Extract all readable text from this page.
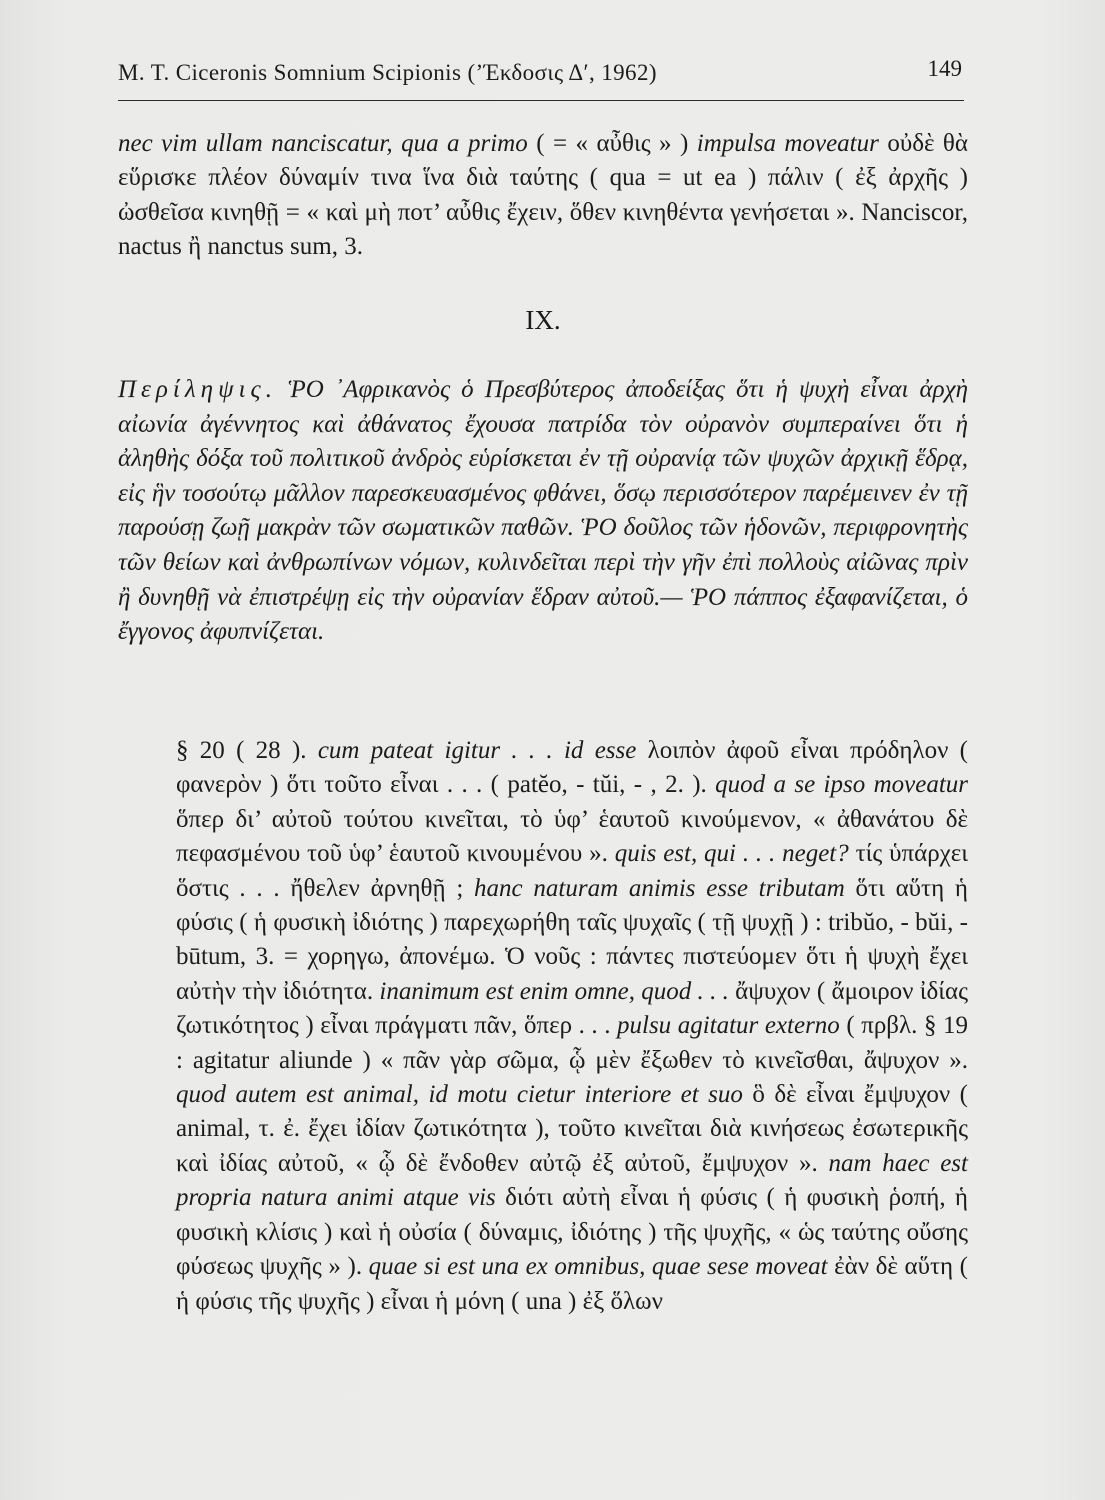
M. T. Ciceronis Somnium Scipionis (’Έκδοσις Δ′, 1962)	149

nec vim ullam nanciscatur, qua a primo ( = « αὖθις » ) impulsa moveatur οὐδὲ θὰ εὕρισκε πλέον δύναμίν τινα ἵνα διὰ ταύτης ( qua = ut ea ) πάλιν ( ἐξ ἀρχῆς ) ὠσθεῖσα κινηθῇ = « καὶ μὴ ποτ’ αὖθις ἔχειν, ὅθεν κινηθέντα γενήσεται ». Nanciscor, nactus ἢ nanctus sum, 3.

IX.

Περίληψις. ῬΟ ᾿Αφρικανὸς ὁ Πρεσβύτερος ἀποδείξας ὅτι ἡ ψυχὴ εἶναι ἀρχὴ αἰωνία ἀγέννητος καὶ ἀθάνατος ἔχουσα πατρίδα τὸν οὐρανὸν συμπεραίνει ὅτι ἡ ἀληθὴς δόξα τοῦ πολιτικοῦ ἀνδρὸς εὑρίσκεται ἐν τῇ οὐρανίᾳ τῶν ψυχῶν ἀρχικῇ ἕδρᾳ, εἰς ἣν τοσούτῳ μᾶλλον παρεσκευασμένος φθάνει, ὅσῳ περισσότερον παρέμεινεν ἐν τῇ παρούσῃ ζωῇ μακρὰν τῶν σωματικῶν παθῶν. ῬΟ δοῦλος τῶν ἡδονῶν, περιφρονητὴς τῶν θείων καὶ ἀνθρωπίνων νόμων, κυλινδεῖται περὶ τὴν γῆν ἐπὶ πολλοὺς αἰῶνας πρὶν ἢ δυνηθῇ νὰ ἐπιστρέψῃ εἰς τὴν οὐρανίαν ἕδραν αὐτοῦ.— ῬΟ πάππος ἐξαφανίζεται, ὁ ἔγγονος ἀφυπνίζεται.

§ 20 ( 28 ). cum pateat igitur . . . id esse λοιπὸν ἀφοῦ εἶναι πρόδηλον ( φανερὸν ) ὅτι τοῦτο εἶναι . . . ( patĕo, - tŭi, - , 2. ). quod a se ipso moveatur ὅπερ δι’ αὐτοῦ τούτου κινεῖται, τὸ ὑφ’ ἑαυτοῦ κινούμενον, « ἀθανάτου δὲ πεφασμένου τοῦ ὑφ’ ἑαυτοῦ κινουμένου ». quis est, qui . . . neget? τίς ὑπάρχει ὅστις . . . ἤθελεν ἀρνηθῇ ; hanc naturam animis esse tributam ὅτι αὕτη ἡ φύσις ( ἡ φυσικὴ ἰδιότης ) παρεχωρήθη ταῖς ψυχαῖς ( τῇ ψυχῇ ) : tribŭo, - bŭi, - būtum, 3. = χορηγω, ἀπονέμω. Ὁ νοῦς : πάντες πιστεύομεν ὅτι ἡ ψυχὴ ἔχει αὐτὴν τὴν ἰδιότητα. inanimum est enim omne, quod . . . ἄψυχον ( ἄμοιρον ἰδίας ζωτικότητος ) εἶναι πράγματι πᾶν, ὅπερ . . . pulsu agitatur externo ( πρβλ. § 19 : agitatur aliunde ) « πᾶν γὰρ σῶμα, ᾧ μὲν ἔξωθεν τὸ κινεῖσθαι, ἄψυχον ». quod autem est animal, id motu cietur interiore et suo ὃ δὲ εἶναι ἔμψυχον ( animal, τ. ἐ. ἔχει ἰδίαν ζωτικότητα ), τοῦτο κινεῖται διὰ κινήσεως ἐσωτερικῆς καὶ ἰδίας αὐτοῦ, « ᾧ δὲ ἔνδοθεν αὐτῷ ἐξ αὐτοῦ, ἔμψυχον ». nam haec est propria natura animi atque vis διότι αὐτὴ εἶναι ἡ φύσις ( ἡ φυσικὴ ῥοπή, ἡ φυσικὴ κλίσις ) καὶ ἡ οὐσία ( δύναμις, ἰδιότης ) τῆς ψυχῆς, « ὡς ταύτης οὔσης φύσεως ψυχῆς » ). quae si est una ex omnibus, quae sese moveat ἐὰν δὲ αὕτη ( ἡ φύσις τῆς ψυχῆς ) εἶναι ἡ μόνη ( una ) ἐξ ὅλων
